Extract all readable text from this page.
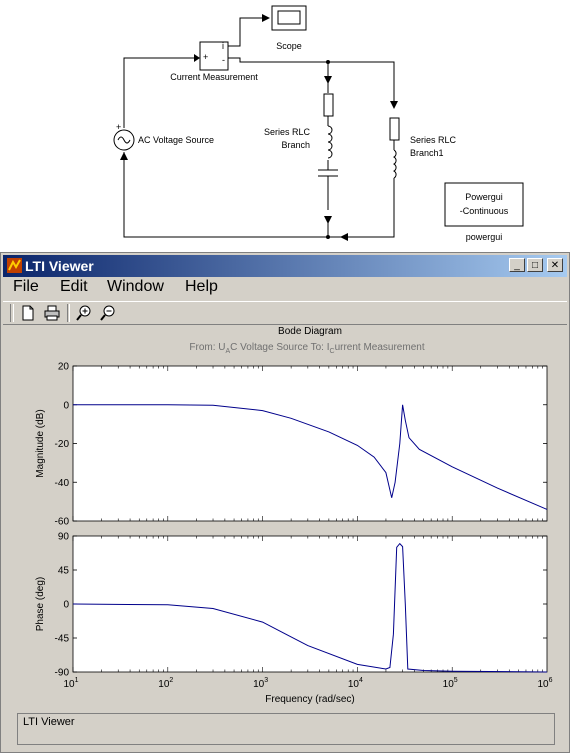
Scope
i
+ -
Current Measurement
+
AC Voltage Source
Series RLC
Branch	Series RLC
Branch1
Powergui
-Continuous
powergui
LTI Viewer	_	□	✕
File Edit Window Help
Bode Diagram
From: $U_AC$ Voltage Source To: $I_Current$ Measurement
20
0
-20
-40
-60
Magnitude (dB)
90
45
0
-45
-90
Phase (deg)
$10^1$	$10^2$	$10^3$	$10^4$	$10^5$	$10^6$
Frequency (rad/sec)
LTI Viewer
